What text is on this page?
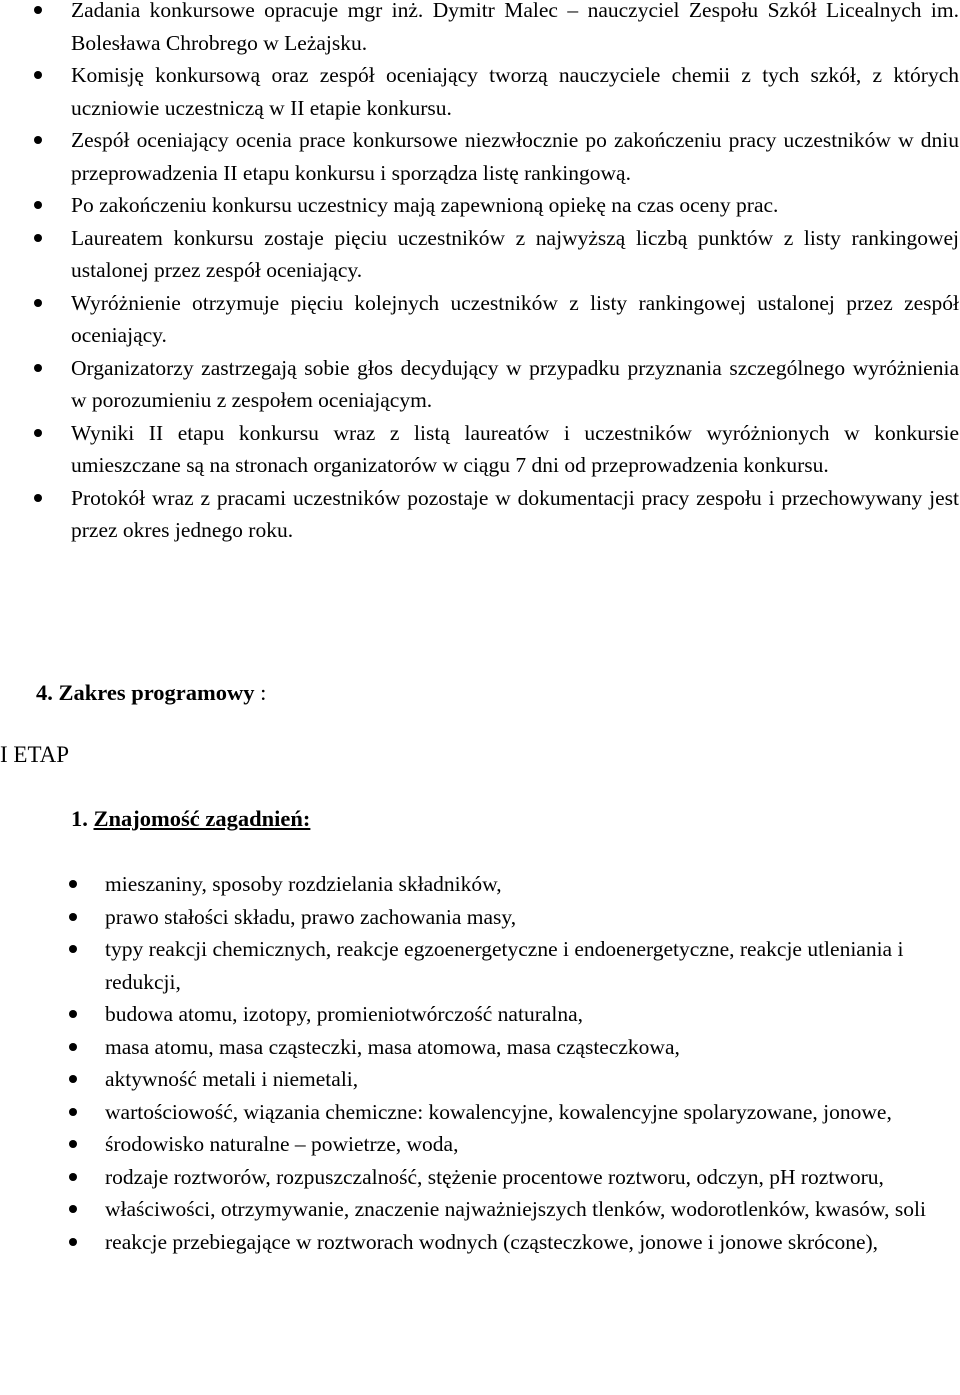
Zadania konkursowe opracuje mgr inż. Dymitr Malec – nauczyciel Zespołu Szkół Licealnych im. Bolesława Chrobrego w Leżajsku.
Komisję konkursową oraz zespół oceniający tworzą nauczyciele chemii z tych szkół, z których uczniowie uczestniczą w II etapie konkursu.
Zespół oceniający ocenia prace konkursowe niezwłocznie po zakończeniu pracy uczestników w dniu przeprowadzenia II etapu konkursu i sporządza listę rankingową.
Po zakończeniu konkursu uczestnicy mają zapewnioną opiekę na czas oceny prac.
Laureatem konkursu zostaje pięciu uczestników z najwyższą liczbą punktów z listy rankingowej ustalonej przez zespół oceniający.
Wyróżnienie otrzymuje pięciu kolejnych uczestników z listy rankingowej ustalonej przez zespół oceniający.
Organizatorzy zastrzegają sobie głos decydujący w przypadku przyznania szczególnego wyróżnienia w porozumieniu z zespołem oceniającym.
Wyniki II etapu konkursu wraz z listą laureatów i uczestników wyróżnionych w konkursie umieszczane są na stronach organizatorów w ciągu 7 dni od przeprowadzenia konkursu.
Protokół wraz z pracami uczestników pozostaje w dokumentacji pracy zespołu i przechowywany jest przez okres jednego roku.
4. Zakres programowy :
I ETAP
1. Znajomość zagadnień:
mieszaniny, sposoby rozdzielania składników,
prawo stałości składu, prawo zachowania masy,
typy reakcji chemicznych, reakcje egzoenergetyczne i endoenergetyczne, reakcje utleniania i redukcji,
budowa atomu, izotopy, promieniotwórczość naturalna,
masa atomu, masa cząsteczki, masa atomowa, masa cząsteczkowa,
aktywność metali i niemetali,
wartościowość, wiązania chemiczne: kowalencyjne, kowalencyjne spolaryzowane, jonowe,
środowisko naturalne – powietrze, woda,
rodzaje roztworów, rozpuszczalność, stężenie procentowe roztworu, odczyn, pH roztworu,
właściwości, otrzymywanie, znaczenie najważniejszych tlenków, wodorotlenków, kwasów, soli
reakcje przebiegające w roztworach wodnych (cząsteczkowe, jonowe i jonowe skrócone),
